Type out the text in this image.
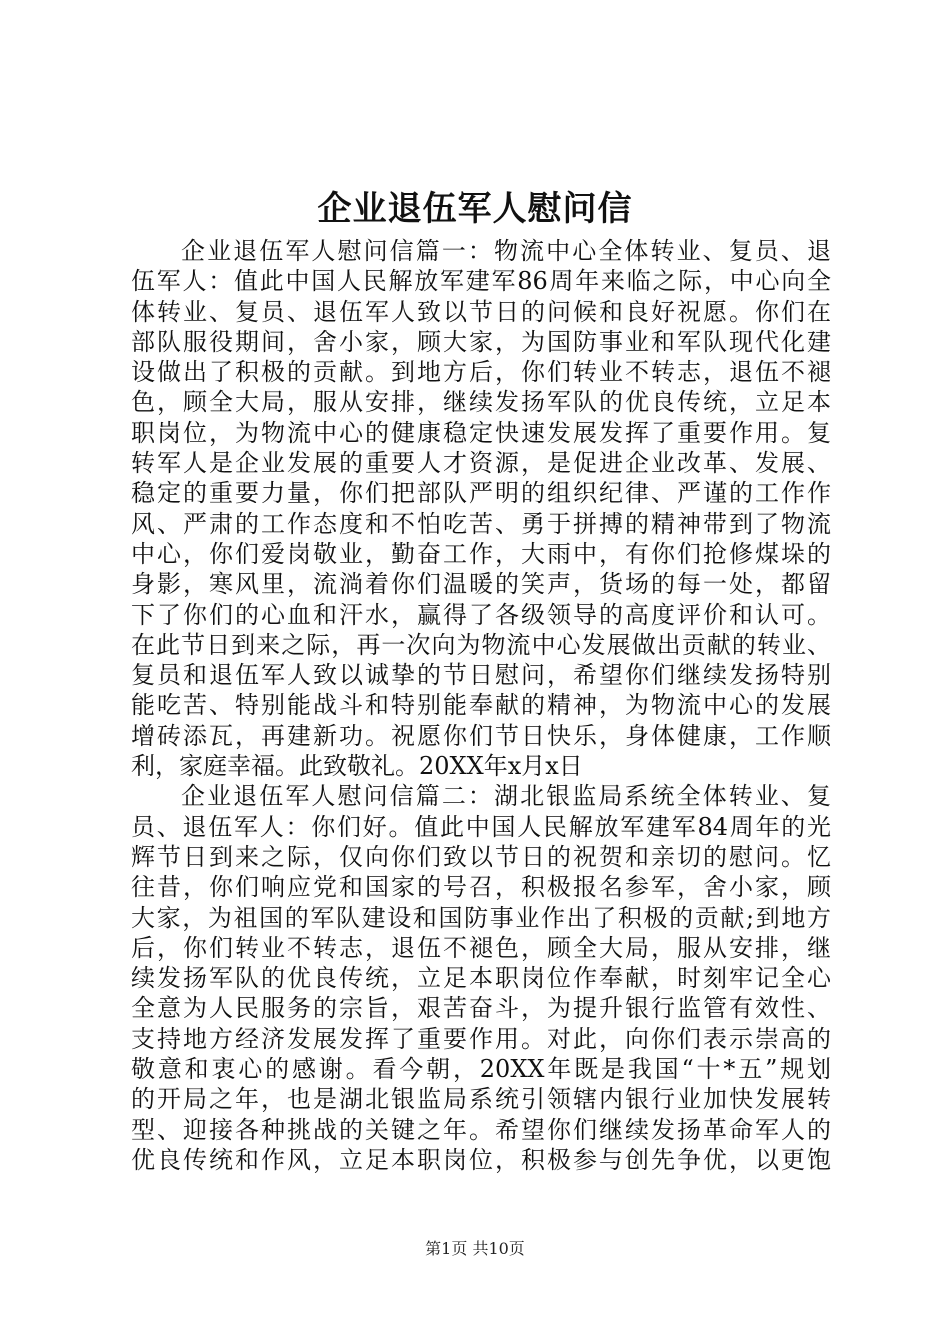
企业退伍军人慰问信
企业退伍军人慰问信篇一：物流中心全体转业、复员、退
伍军人：值此中国人民解放军建军86周年来临之际，中心向全
体转业、复员、退伍军人致以节日的问候和良好祝愿。你们在
部队服役期间，舍小家，顾大家，为国防事业和军队现代化建
设做出了积极的贡献。到地方后，你们转业不转志，退伍不褪
色，顾全大局，服从安排，继续发扬军队的优良传统，立足本
职岗位，为物流中心的健康稳定快速发展发挥了重要作用。复
转军人是企业发展的重要人才资源，是促进企业改革、发展、
稳定的重要力量，你们把部队严明的组织纪律、严谨的工作作
风、严肃的工作态度和不怕吃苦、勇于拼搏的精神带到了物流
中心，你们爱岗敬业，勤奋工作，大雨中，有你们抢修煤垛的
身影，寒风里，流淌着你们温暖的笑声，货场的每一处，都留
下了你们的心血和汗水，赢得了各级领导的高度评价和认可。
在此节日到来之际，再一次向为物流中心发展做出贡献的转业、
复员和退伍军人致以诚挚的节日慰问，希望你们继续发扬特别
能吃苦、特别能战斗和特别能奉献的精神，为物流中心的发展
增砖添瓦，再建新功。祝愿你们节日快乐，身体健康，工作顺
利，家庭幸福。此致敬礼。20XX年x月x日
企业退伍军人慰问信篇二：湖北银监局系统全体转业、复
员、退伍军人：你们好。值此中国人民解放军建军84周年的光
辉节日到来之际，仅向你们致以节日的祝贺和亲切的慰问。忆
往昔，你们响应党和国家的号召，积极报名参军，舍小家，顾
大家，为祖国的军队建设和国防事业作出了积极的贡献;到地方
后，你们转业不转志，退伍不褪色，顾全大局，服从安排，继
续发扬军队的优良传统，立足本职岗位作奉献，时刻牢记全心
全意为人民服务的宗旨，艰苦奋斗，为提升银行监管有效性、
支持地方经济发展发挥了重要作用。对此，向你们表示崇高的
敬意和衷心的感谢。看今朝，20XX年既是我国“十*五”规划
的开局之年，也是湖北银监局系统引领辖内银行业加快发展转
型、迎接各种挑战的关键之年。希望你们继续发扬革命军人的
优良传统和作风，立足本职岗位，积极参与创先争优，以更饱
第1页 共10页
